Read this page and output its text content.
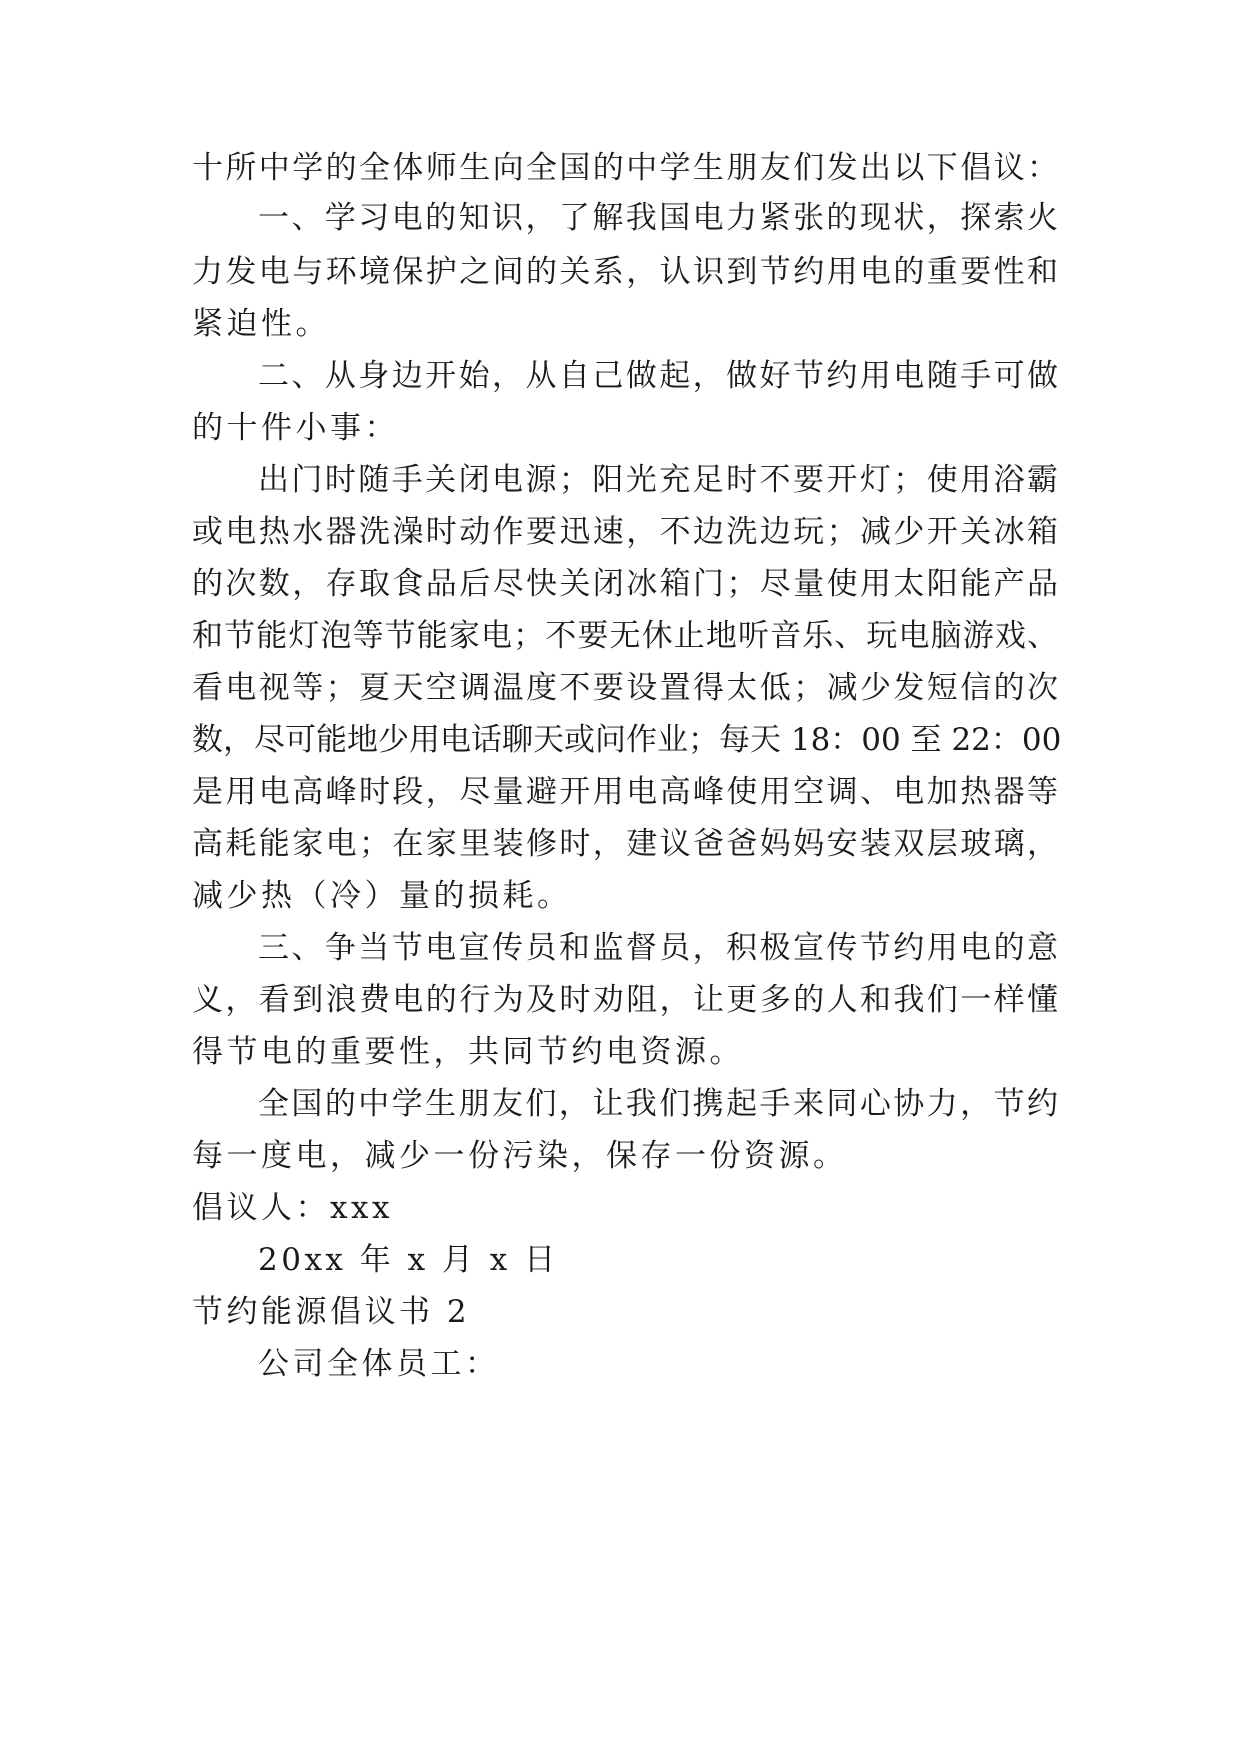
十所中学的全体师生向全国的中学生朋友们发出以下倡议：
一、学习电的知识，了解我国电力紧张的现状，探索火
力发电与环境保护之间的关系，认识到节约用电的重要性和
紧迫性。
二、从身边开始，从自己做起，做好节约用电随手可做
的十件小事：
出门时随手关闭电源；阳光充足时不要开灯；使用浴霸
或电热水器洗澡时动作要迅速，不边洗边玩；减少开关冰箱
的次数，存取食品后尽快关闭冰箱门；尽量使用太阳能产品
和节能灯泡等节能家电；不要无休止地听音乐、玩电脑游戏、
看电视等；夏天空调温度不要设置得太低；减少发短信的次
数，尽可能地少用电话聊天或问作业；每天 18：00 至 22：00
是用电高峰时段，尽量避开用电高峰使用空调、电加热器等
高耗能家电；在家里装修时，建议爸爸妈妈安装双层玻璃，
减少热（冷）量的损耗。
三、争当节电宣传员和监督员，积极宣传节约用电的意
义，看到浪费电的行为及时劝阻，让更多的人和我们一样懂
得节电的重要性，共同节约电资源。
全国的中学生朋友们，让我们携起手来同心协力，节约
每一度电，减少一份污染，保存一份资源。
倡议人：xxx
20xx 年 x 月 x 日
节约能源倡议书 2
公司全体员工：
